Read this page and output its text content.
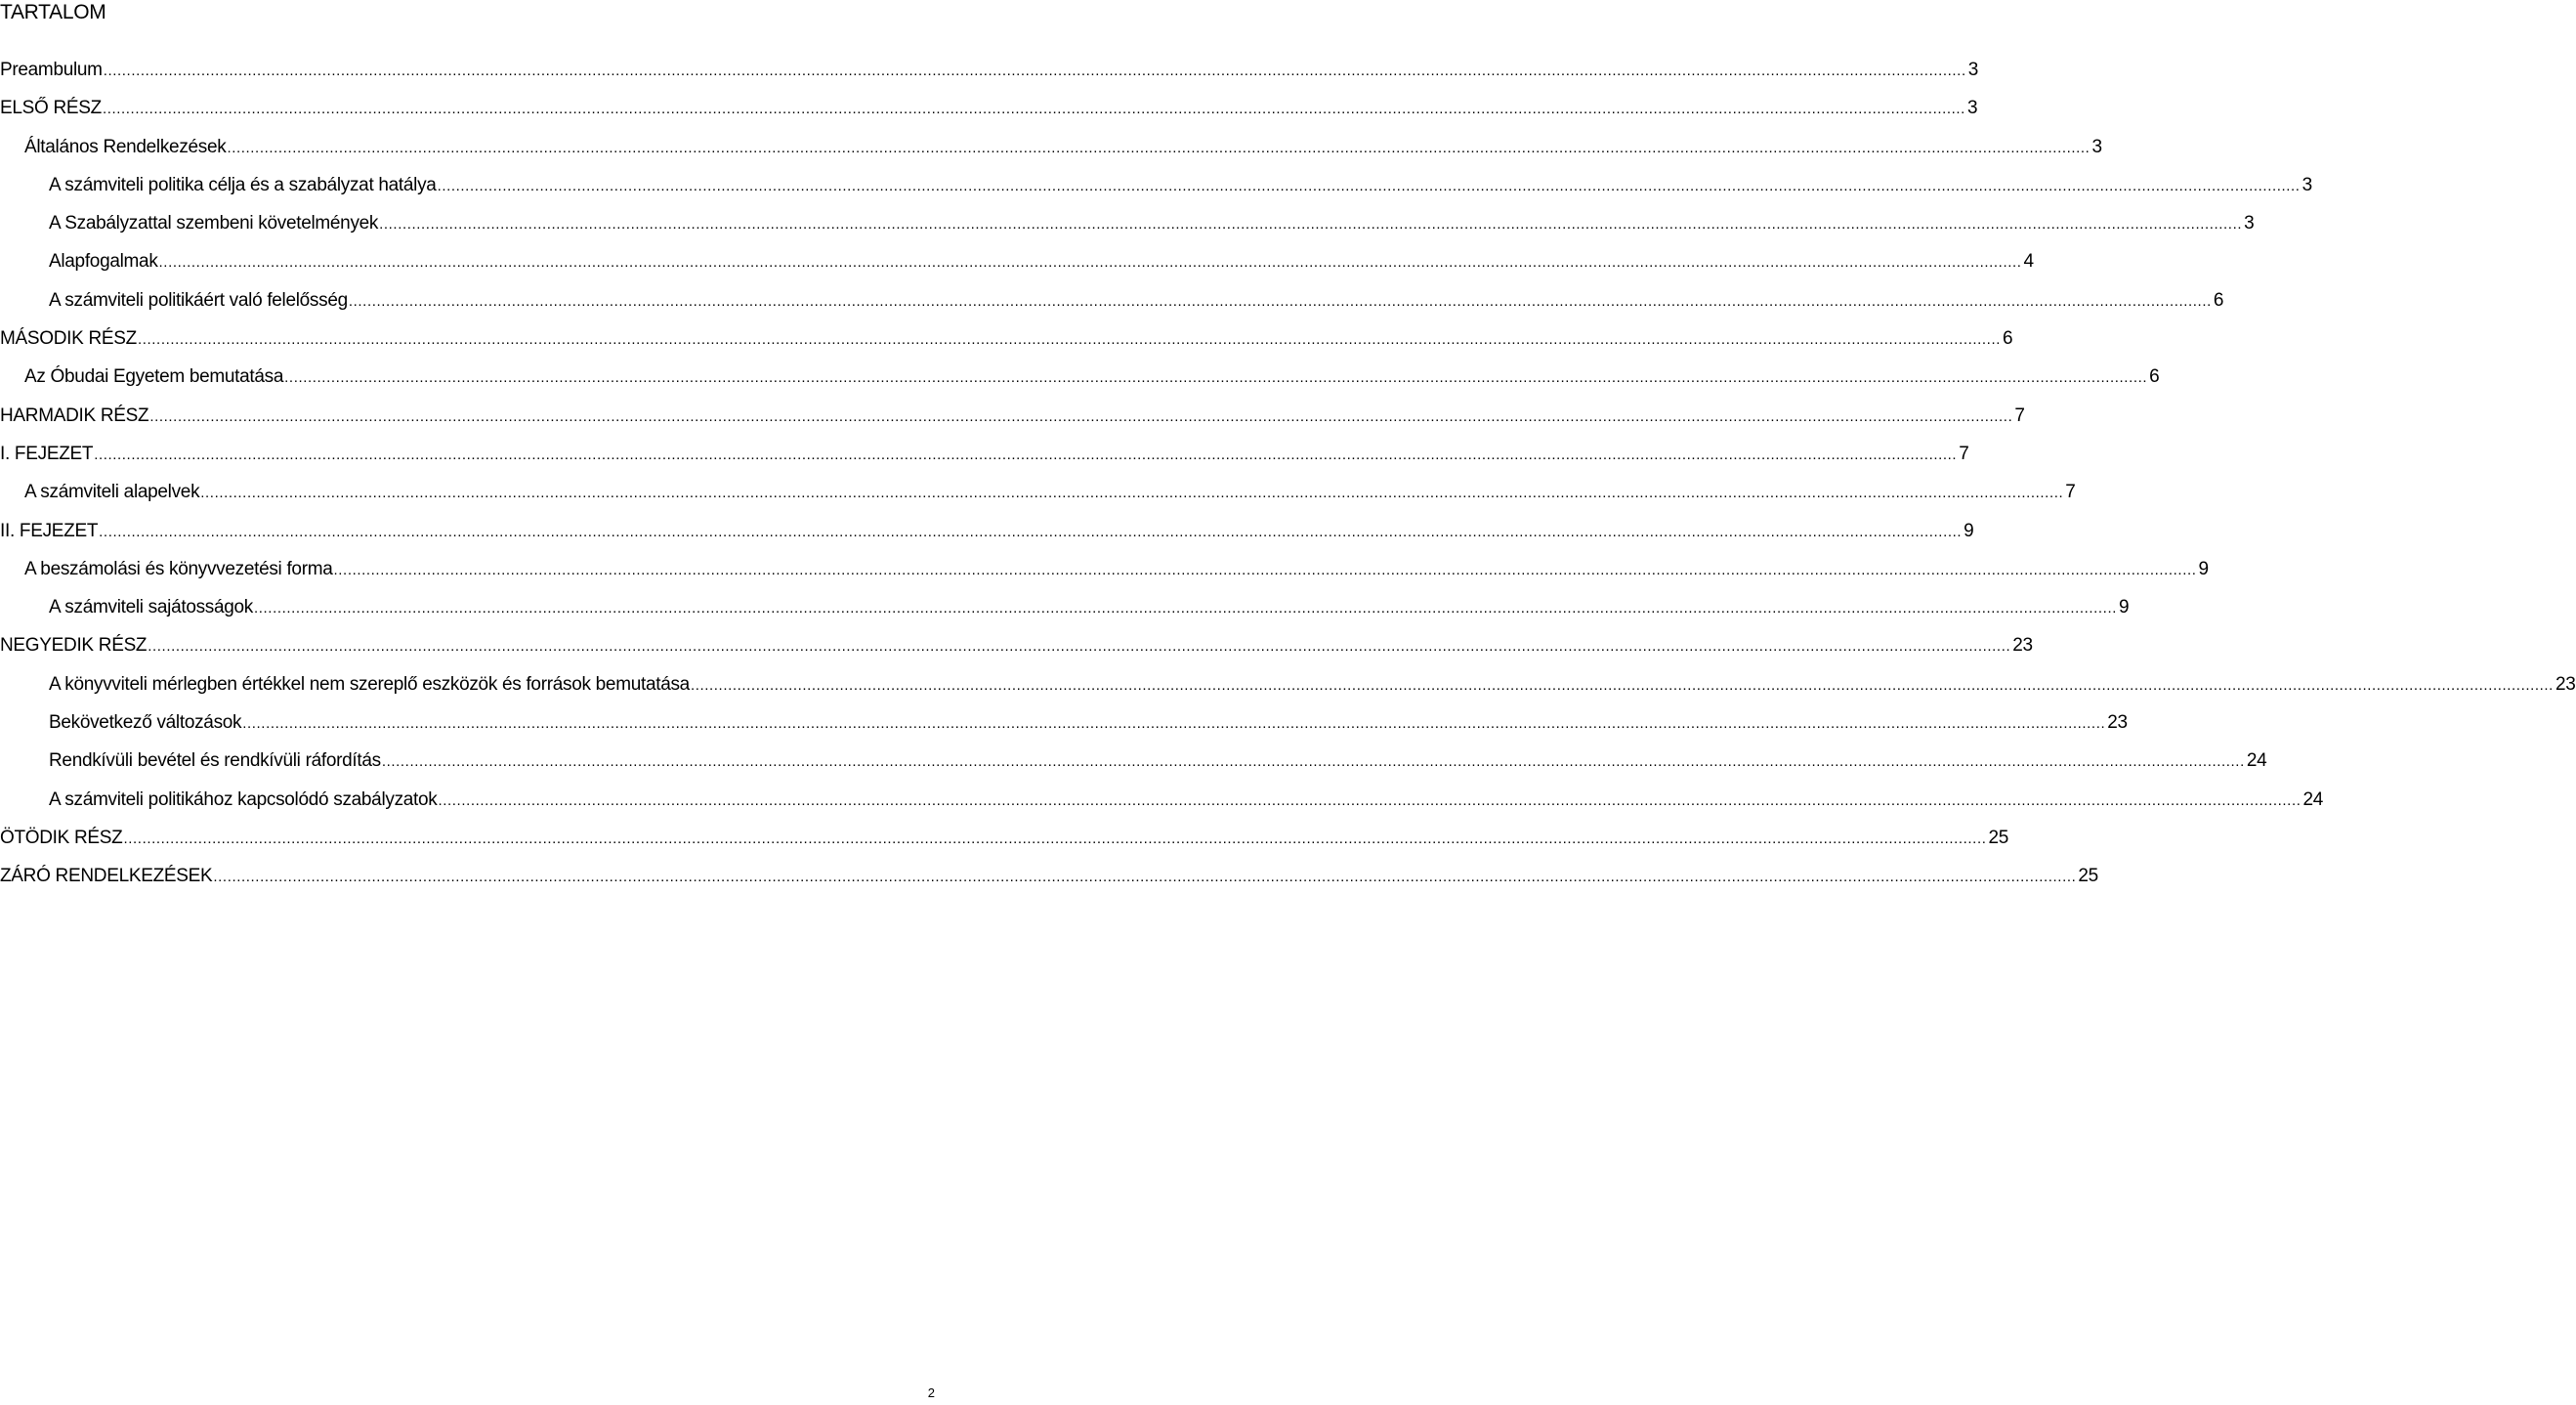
TARTALOM
Preambulum ................................................................................................................................................................................................................................................................................................................................................................................................................ 3
ELSŐ RÉSZ ................................................................................................................................................................................................................................................................................................................................................................................................................ 3
Általános Rendelkezések ................................................................................................................................................................................................................................................................................................................................................................................................................ 3
A számviteli politika célja és a szabályzat hatálya ................................................................................................................................................................................................................................................................................................................................................................................................................ 3
A Szabályzattal szembeni követelmények ................................................................................................................................................................................................................................................................................................................................................................................................................ 3
Alapfogalmak ................................................................................................................................................................................................................................................................................................................................................................................................................ 4
A számviteli politikáért való felelősség ................................................................................................................................................................................................................................................................................................................................................................................................................ 6
MÁSODIK RÉSZ ................................................................................................................................................................................................................................................................................................................................................................................................................ 6
Az Óbudai Egyetem bemutatása ................................................................................................................................................................................................................................................................................................................................................................................................................ 6
HARMADIK RÉSZ ................................................................................................................................................................................................................................................................................................................................................................................................................ 7
I. FEJEZET ................................................................................................................................................................................................................................................................................................................................................................................................................ 7
A számviteli alapelvek ................................................................................................................................................................................................................................................................................................................................................................................................................ 7
II. FEJEZET ................................................................................................................................................................................................................................................................................................................................................................................................................ 9
A beszámolási és könyvvezetési forma ................................................................................................................................................................................................................................................................................................................................................................................................................ 9
A számviteli sajátosságok ................................................................................................................................................................................................................................................................................................................................................................................................................ 9
NEGYEDIK RÉSZ ................................................................................................................................................................................................................................................................................................................................................................................................................ 23
A könyvviteli mérlegben értékkel nem szereplő eszközök és források bemutatása ................................................................................................................................................................................................................................................................................................................................................................................................................ 23
Bekövetkező változások ................................................................................................................................................................................................................................................................................................................................................................................................................ 23
Rendkívüli bevétel és rendkívüli ráfordítás ................................................................................................................................................................................................................................................................................................................................................................................................................ 24
A számviteli politikához kapcsolódó szabályzatok ................................................................................................................................................................................................................................................................................................................................................................................................................ 24
ÖTÖDIK RÉSZ ................................................................................................................................................................................................................................................................................................................................................................................................................ 25
ZÁRÓ RENDELKEZÉSEK ................................................................................................................................................................................................................................................................................................................................................................................................................ 25
2
